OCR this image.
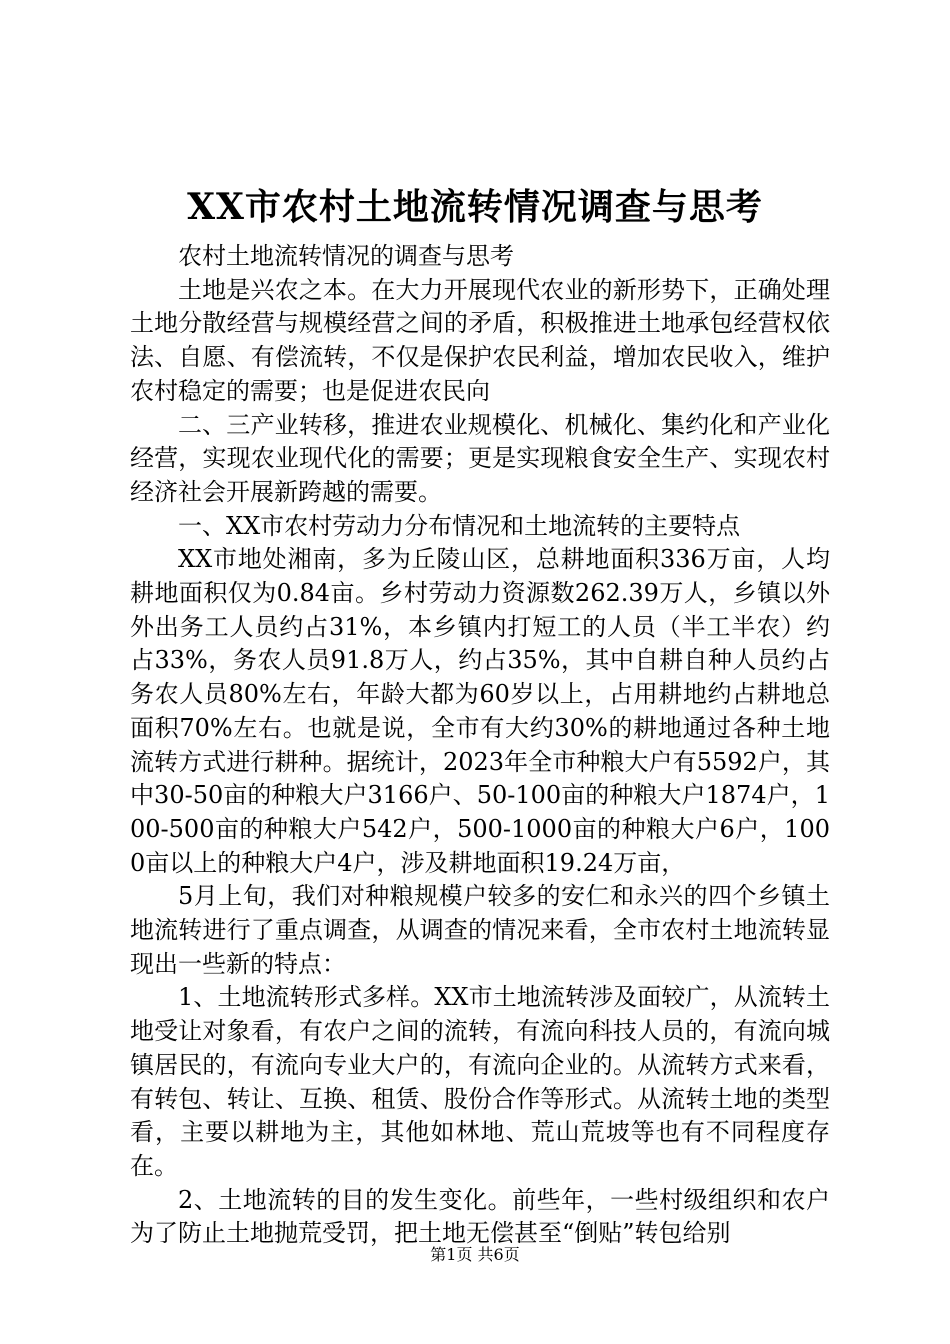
XX市农村土地流转情况调查与思考

农村土地流转情况的调查与思考

土地是兴农之本。在大力开展现代农业的新形势下，正确处理土地分散经营与规模经营之间的矛盾，积极推进土地承包经营权依法、自愿、有偿流转，不仅是保护农民利益，增加农民收入，维护农村稳定的需要；也是促进农民向

二、三产业转移，推进农业规模化、机械化、集约化和产业化经营，实现农业现代化的需要；更是实现粮食安全生产、实现农村经济社会开展新跨越的需要。

一、XX市农村劳动力分布情况和土地流转的主要特点

XX市地处湘南，多为丘陵山区，总耕地面积336万亩，人均耕地面积仅为0.84亩。乡村劳动力资源数262.39万人，乡镇以外外出务工人员约占31%，本乡镇内打短工的人员（半工半农）约占33%，务农人员91.8万人，约占35%，其中自耕自种人员约占务农人员80%左右，年龄大都为60岁以上，占用耕地约占耕地总面积70%左右。也就是说，全市有大约30%的耕地通过各种土地流转方式进行耕种。据统计，2023年全市种粮大户有5592户，其中30-50亩的种粮大户3166户、50-100亩的种粮大户1874户，100-500亩的种粮大户542户，500-1000亩的种粮大户6户，1000亩以上的种粮大户4户，涉及耕地面积19.24万亩，

5月上旬，我们对种粮规模户较多的安仁和永兴的四个乡镇土地流转进行了重点调查，从调查的情况来看，全市农村土地流转显现出一些新的特点：

1、土地流转形式多样。XX市土地流转涉及面较广，从流转土地受让对象看，有农户之间的流转，有流向科技人员的，有流向城镇居民的，有流向专业大户的，有流向企业的。从流转方式来看，有转包、转让、互换、租赁、股份合作等形式。从流转土地的类型看，主要以耕地为主，其他如林地、荒山荒坡等也有不同程度存在。

2、土地流转的目的发生变化。前些年，一些村级组织和农户为了防止土地抛荒受罚，把土地无偿甚至“倒贴”转包给别

第1页 共6页
